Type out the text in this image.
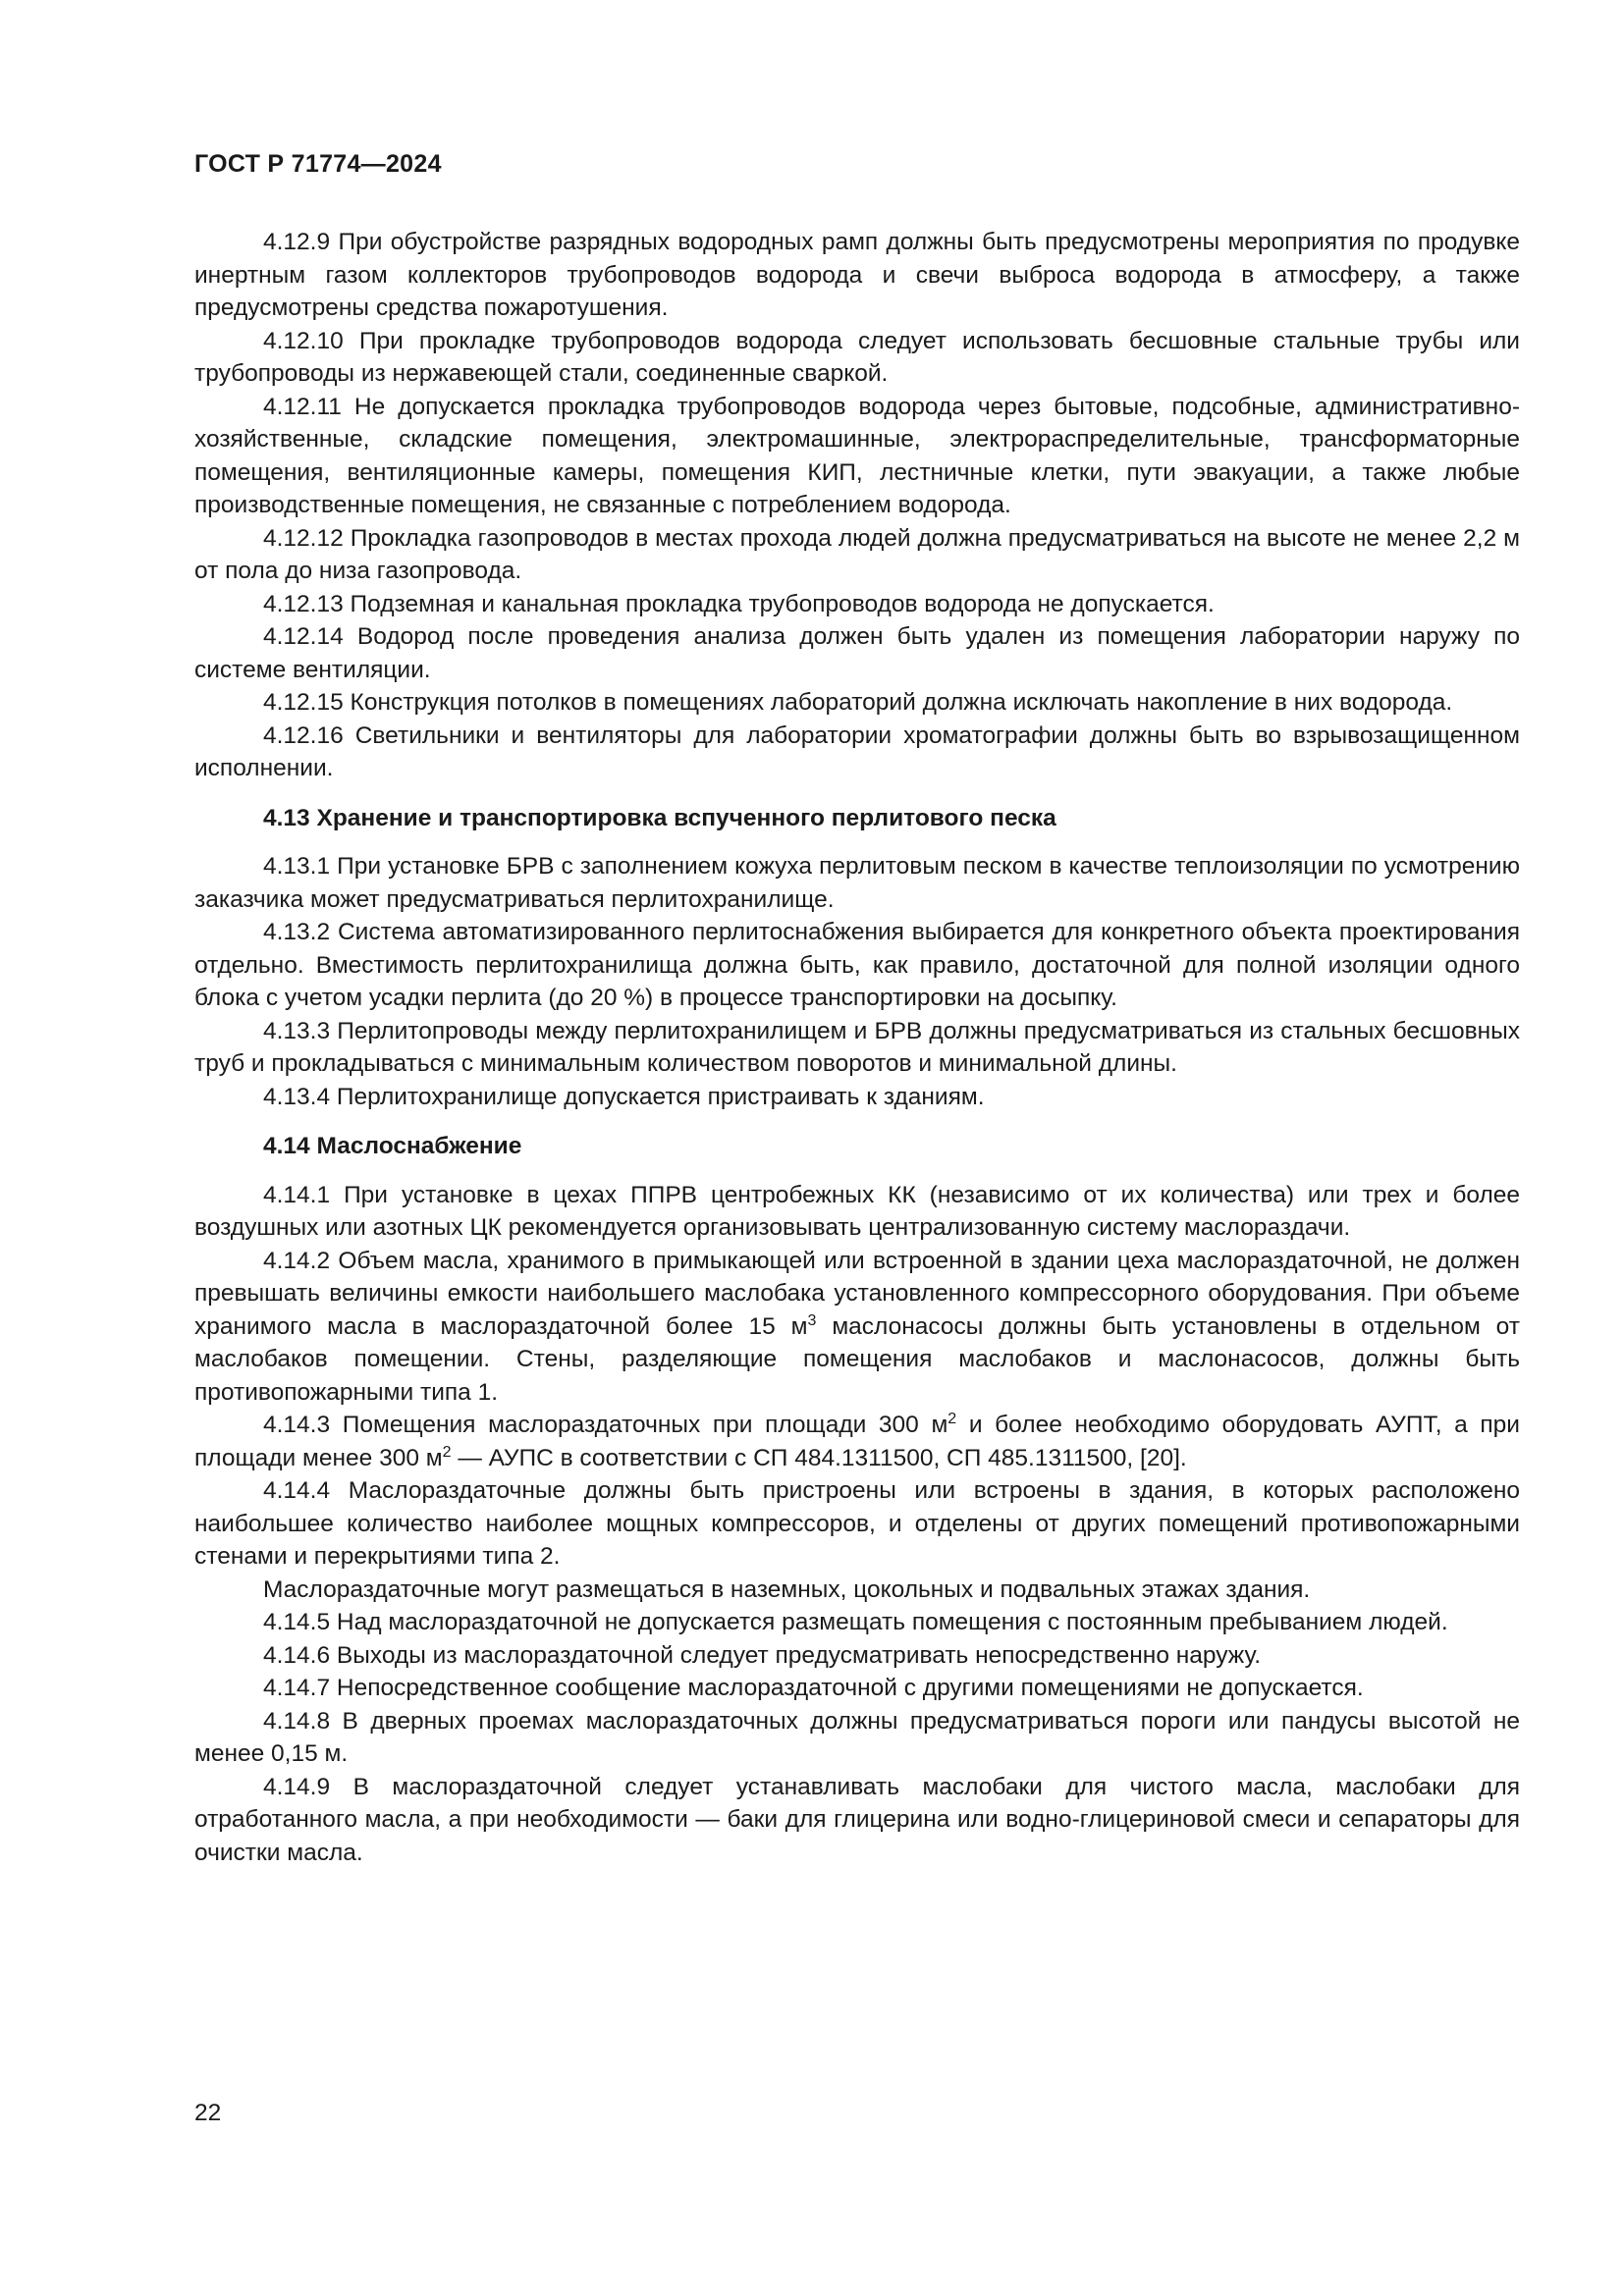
ГОСТ Р 71774—2024

4.12.9 При обустройстве разрядных водородных рамп должны быть предусмотрены мероприятия по продувке инертным газом коллекторов трубопроводов водорода и свечи выброса водорода в атмосферу, а также предусмотрены средства пожаротушения.

4.12.10 При прокладке трубопроводов водорода следует использовать бесшовные стальные трубы или трубопроводы из нержавеющей стали, соединенные сваркой.

4.12.11 Не допускается прокладка трубопроводов водорода через бытовые, подсобные, административно-хозяйственные, складские помещения, электромашинные, электрораспределительные, трансформаторные помещения, вентиляционные камеры, помещения КИП, лестничные клетки, пути эвакуации, а также любые производственные помещения, не связанные с потреблением водорода.

4.12.12 Прокладка газопроводов в местах прохода людей должна предусматриваться на высоте не менее 2,2 м от пола до низа газопровода.

4.12.13 Подземная и канальная прокладка трубопроводов водорода не допускается.

4.12.14 Водород после проведения анализа должен быть удален из помещения лаборатории наружу по системе вентиляции.

4.12.15 Конструкция потолков в помещениях лабораторий должна исключать накопление в них водорода.

4.12.16 Светильники и вентиляторы для лаборатории хроматографии должны быть во взрывозащищенном исполнении.

4.13 Хранение и транспортировка вспученного перлитового песка

4.13.1 При установке БРВ с заполнением кожуха перлитовым песком в качестве теплоизоляции по усмотрению заказчика может предусматриваться перлитохранилище.

4.13.2 Система автоматизированного перлитоснабжения выбирается для конкретного объекта проектирования отдельно. Вместимость перлитохранилища должна быть, как правило, достаточной для полной изоляции одного блока с учетом усадки перлита (до 20 %) в процессе транспортировки на досыпку.

4.13.3 Перлитопроводы между перлитохранилищем и БРВ должны предусматриваться из стальных бесшовных труб и прокладываться с минимальным количеством поворотов и минимальной длины.

4.13.4 Перлитохранилище допускается пристраивать к зданиям.

4.14 Маслоснабжение

4.14.1 При установке в цехах ППРВ центробежных КК (независимо от их количества) или трех и более воздушных или азотных ЦК рекомендуется организовывать централизованную систему маслораздачи.

4.14.2 Объем масла, хранимого в примыкающей или встроенной в здании цеха маслораздаточной, не должен превышать величины емкости наибольшего маслобака установленного компрессорного оборудования. При объеме хранимого масла в маслораздаточной более 15 $м^3$ маслонасосы должны быть установлены в отдельном от маслобаков помещении. Стены, разделяющие помещения маслобаков и маслонасосов, должны быть противопожарными типа 1.

4.14.3 Помещения маслораздаточных при площади 300 $м^2$ и более необходимо оборудовать АУПТ, а при площади менее 300 $м^2$ — АУПС в соответствии с СП 484.1311500, СП 485.1311500, [20].

4.14.4 Маслораздаточные должны быть пристроены или встроены в здания, в которых расположено наибольшее количество наиболее мощных компрессоров, и отделены от других помещений противопожарными стенами и перекрытиями типа 2.

Маслораздаточные могут размещаться в наземных, цокольных и подвальных этажах здания.

4.14.5 Над маслораздаточной не допускается размещать помещения с постоянным пребыванием людей.

4.14.6 Выходы из маслораздаточной следует предусматривать непосредственно наружу.

4.14.7 Непосредственное сообщение маслораздаточной с другими помещениями не допускается.

4.14.8 В дверных проемах маслораздаточных должны предусматриваться пороги или пандусы высотой не менее 0,15 м.

4.14.9 В маслораздаточной следует устанавливать маслобаки для чистого масла, маслобаки для отработанного масла, а при необходимости — баки для глицерина или водно-глицериновой смеси и сепараторы для очистки масла.

22
